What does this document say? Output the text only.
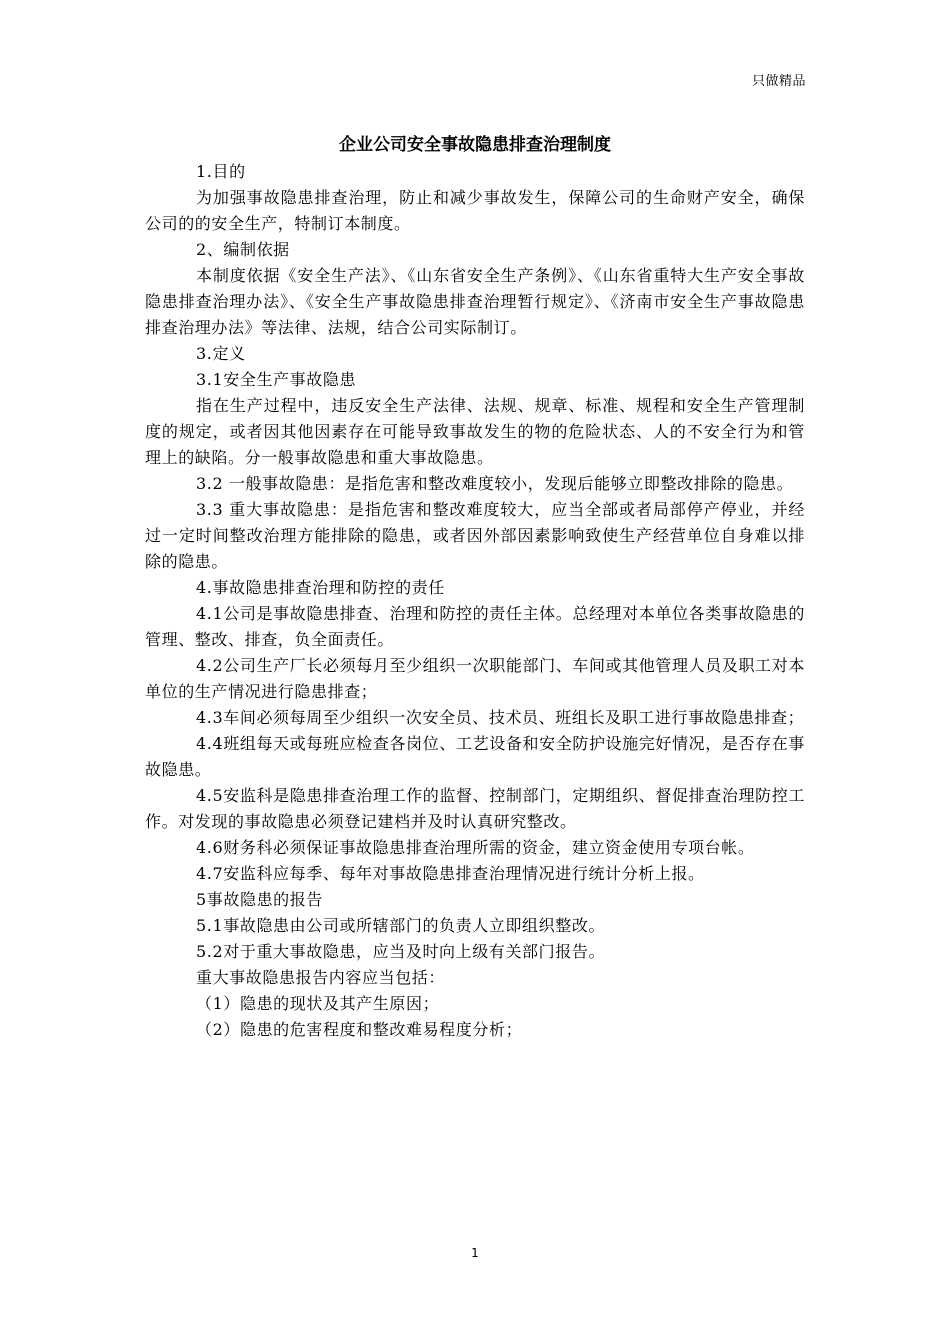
只做精品
企业公司安全事故隐患排查治理制度

1.目的

为加强事故隐患排查治理，防止和减少事故发生，保障公司的生命财产安全，确保公司的的安全生产，特制订本制度。

2、编制依据

本制度依据《安全生产法》、《山东省安全生产条例》、《山东省重特大生产安全事故隐患排查治理办法》、《安全生产事故隐患排查治理暂行规定》、《济南市安全生产事故隐患排查治理办法》等法律、法规，结合公司实际制订。

3.定义

3.1安全生产事故隐患

指在生产过程中，违反安全生产法律、法规、规章、标准、规程和安全生产管理制度的规定，或者因其他因素存在可能导致事故发生的物的危险状态、人的不安全行为和管理上的缺陷。分一般事故隐患和重大事故隐患。

3.2 一般事故隐患：是指危害和整改难度较小，发现后能够立即整改排除的隐患。

3.3 重大事故隐患：是指危害和整改难度较大，应当全部或者局部停产停业，并经过一定时间整改治理方能排除的隐患，或者因外部因素影响致使生产经营单位自身难以排除的隐患。

4.事故隐患排查治理和防控的责任

4.1公司是事故隐患排查、治理和防控的责任主体。总经理对本单位各类事故隐患的管理、整改、排查，负全面责任。

4.2公司生产厂长必须每月至少组织一次职能部门、车间或其他管理人员及职工对本单位的生产情况进行隐患排查；

4.3车间必须每周至少组织一次安全员、技术员、班组长及职工进行事故隐患排查；

4.4班组每天或每班应检查各岗位、工艺设备和安全防护设施完好情况，是否存在事故隐患。

4.5安监科是隐患排查治理工作的监督、控制部门，定期组织、督促排查治理防控工作。对发现的事故隐患必须登记建档并及时认真研究整改。

4.6财务科必须保证事故隐患排查治理所需的资金，建立资金使用专项台帐。

4.7安监科应每季、每年对事故隐患排查治理情况进行统计分析上报。

5事故隐患的报告

5.1事故隐患由公司或所辖部门的负责人立即组织整改。

5.2对于重大事故隐患，应当及时向上级有关部门报告。

重大事故隐患报告内容应当包括：

（1）隐患的现状及其产生原因；

（2）隐患的危害程度和整改难易程度分析；

1
